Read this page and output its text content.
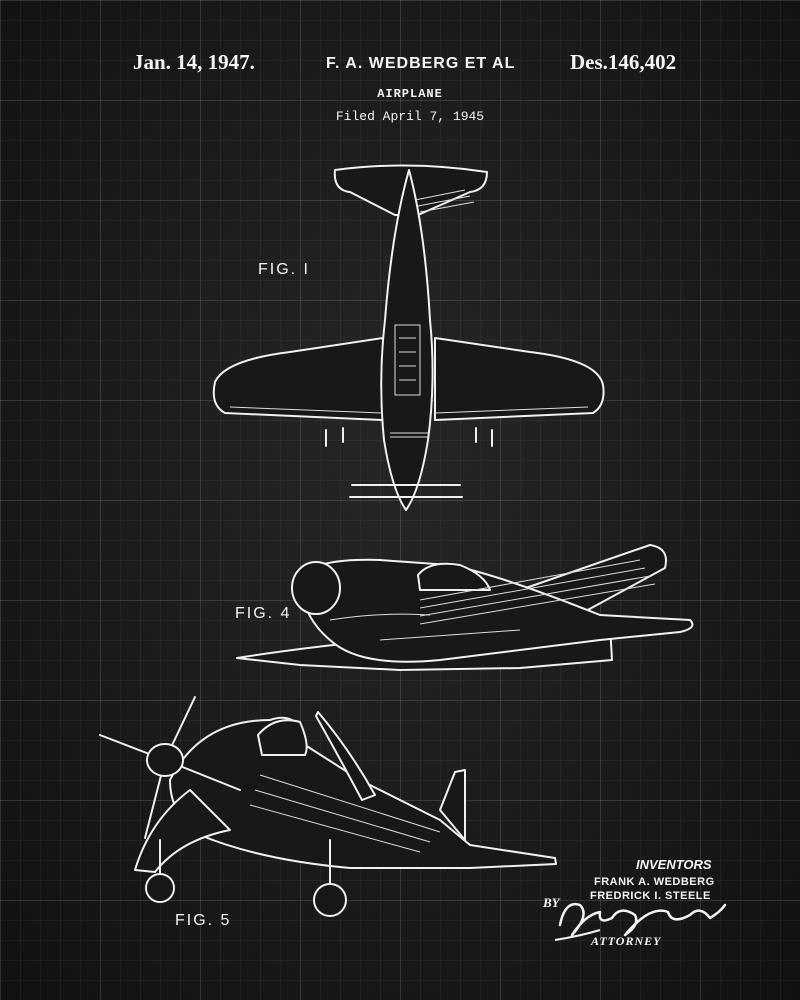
Jan. 14, 1947.	F. A. WEDBERG ET AL	Des.146,402
AIRPLANE
Filed April 7, 1945
FIG. I
FIG. 4
FIG. 5
INVENTORS
FRANK A. WEDBERG
FREDRICK I. STEELE
BY
ATTORNEY
